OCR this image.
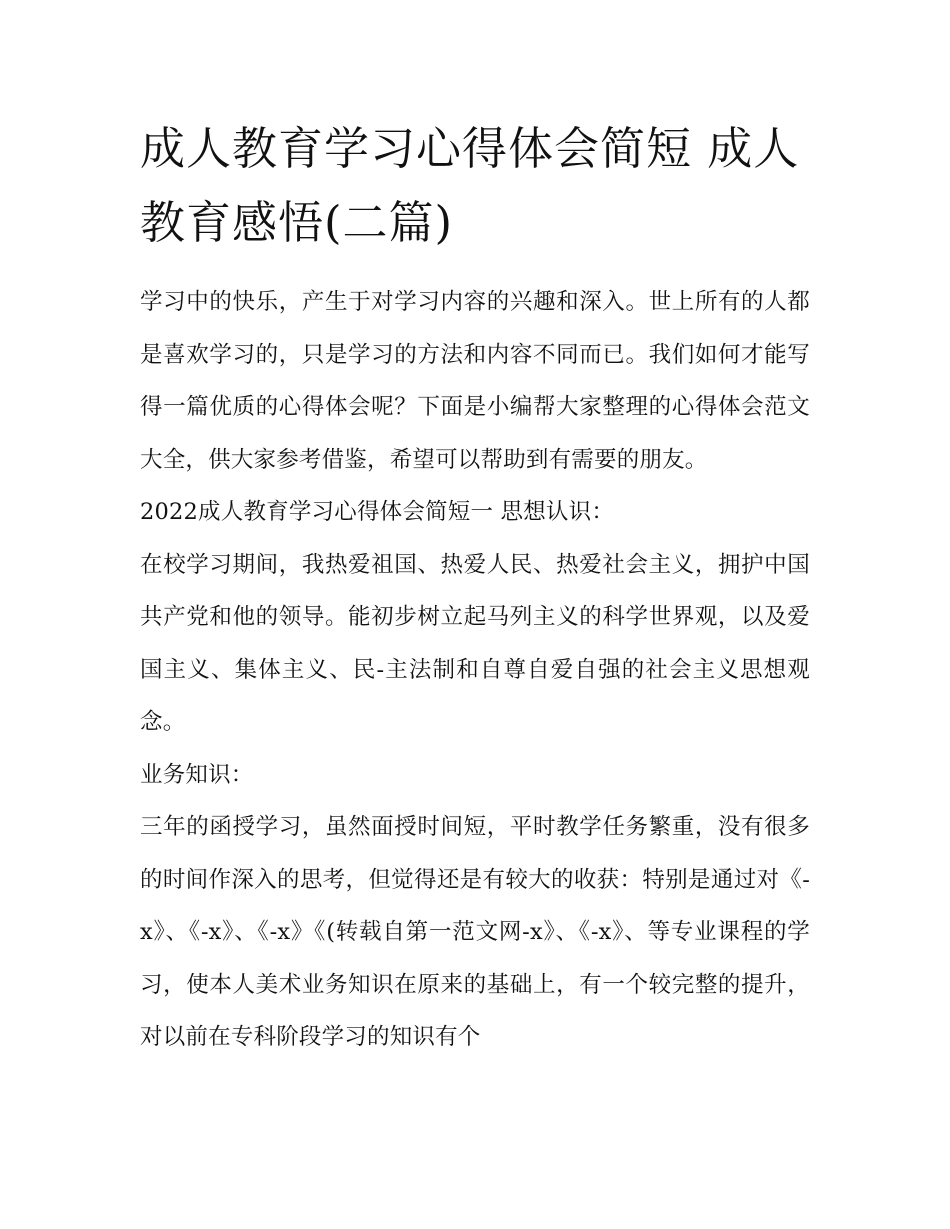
成人教育学习心得体会简短 成人教育感悟(二篇)

学习中的快乐，产生于对学习内容的兴趣和深入。世上所有的人都是喜欢学习的，只是学习的方法和内容不同而已。我们如何才能写得一篇优质的心得体会呢？下面是小编帮大家整理的心得体会范文大全，供大家参考借鉴，希望可以帮助到有需要的朋友。

2022成人教育学习心得体会简短一 思想认识：

在校学习期间，我热爱祖国、热爱人民、热爱社会主义，拥护中国共产党和他的领导。能初步树立起马列主义的科学世界观，以及爱国主义、集体主义、民-主法制和自尊自爱自强的社会主义思想观念。

业务知识：

三年的函授学习，虽然面授时间短，平时教学任务繁重，没有很多的时间作深入的思考，但觉得还是有较大的收获：特别是通过对《-x》、《-x》、《-x》《(转载自第一范文网-x》、《-x》、等专业课程的学习，使本人美术业务知识在原来的基础上，有一个较完整的提升，对以前在专科阶段学习的知识有个
